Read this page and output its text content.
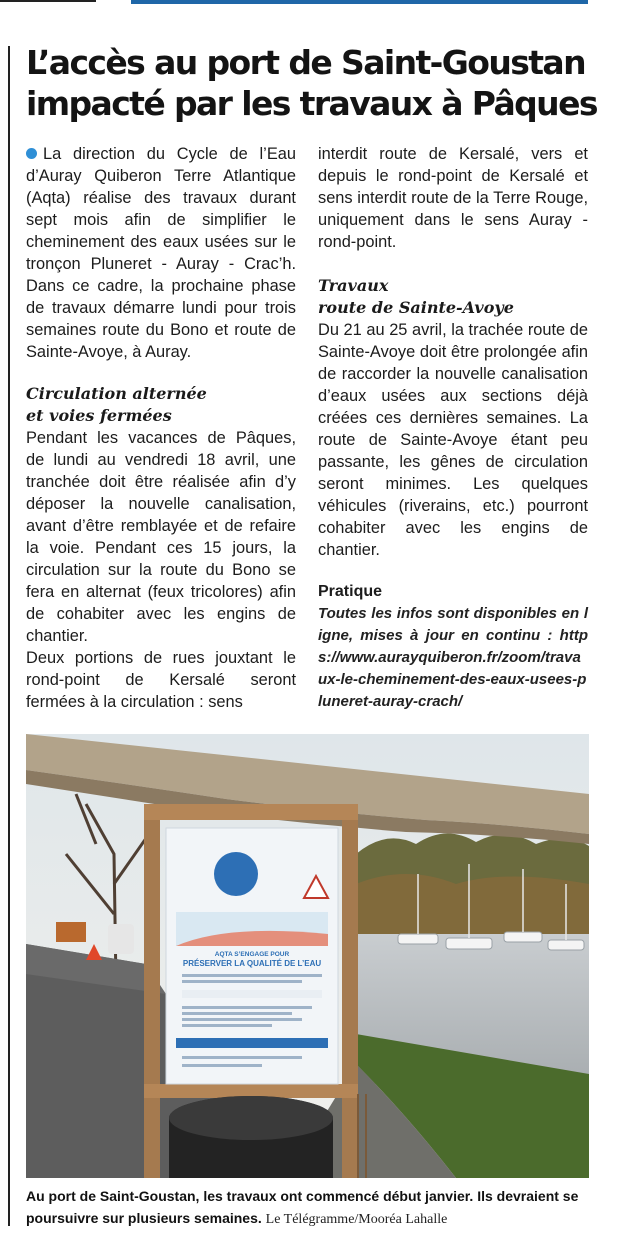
L’accès au port de Saint-Goustan impacté par les travaux à Pâques

La direction du Cycle de l’Eau d’Auray Quiberon Terre Atlantique (Aqta) réalise des travaux durant sept mois afin de simplifier le cheminement des eaux usées sur le tronçon Pluneret - Auray - Crac’h. Dans ce cadre, la prochaine phase de travaux démarre lundi pour trois semaines route du Bono et route de Sainte-Avoye, à Auray.

Circulation alternée
et voies fermées

Pendant les vacances de Pâques, de lundi au vendredi 18 avril, une tranchée doit être réalisée afin d’y déposer la nouvelle canalisation, avant d’être remblayée et de refaire la voie. Pendant ces 15 jours, la circulation sur la route du Bono se fera en alternat (feux tricolores) afin de cohabiter avec les engins de chantier.

Deux portions de rues jouxtant le rond-point de Kersalé seront fermées à la circulation : sens

interdit route de Kersalé, vers et depuis le rond-point de Kersalé et sens interdit route de la Terre Rouge, uniquement dans le sens Auray - rond-point.

Travaux
route de Sainte-Avoye

Du 21 au 25 avril, la trachée route de Sainte-Avoye doit être prolongée afin de raccorder la nouvelle canalisation d’eaux usées aux sections déjà créées ces dernières semaines. La route de Sainte-Avoye étant peu passante, les gênes de circulation seront minimes. Les quelques véhicules (riverains, etc.) pourront cohabiter avec les engins de chantier.

Pratique

Toutes les infos sont disponibles en ligne, mises à jour en continu : https://www.aurayquiberon.fr/zoom/travaux-le-cheminement-des-eaux-usees-pluneret-auray-crach/

AQTA S’ENGAGE POUR
PRÉSERVER LA QUALITÉ DE L’EAU
Au port de Saint-Goustan, les travaux ont commencé début janvier. Ils devraient se poursuivre sur plusieurs semaines. Le Télégramme/Mooréa Lahalle
